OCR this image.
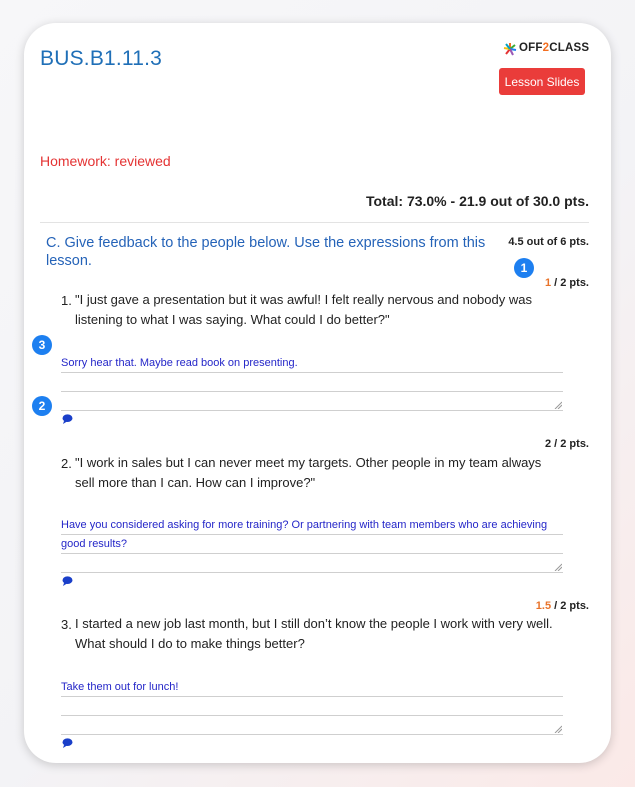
BUS.B1.11.3	OFF2CLASS
Lesson Slides
Homework: reviewed
Total: 73.0% - 21.9 out of 30.0 pts.
C. Give feedback to the people below. Use the expressions from this lesson.
4.5 out of 6 pts.
1
2
3
1 / 2 pts.
1. "I just gave a presentation but it was awful! I felt really nervous and nobody was listening to what I was saying. What could I do better?"
Sorry hear that. Maybe read book on presenting.
2 / 2 pts.
2. "I work in sales but I can never meet my targets. Other people in my team always sell more than I can. How can I improve?"
Have you considered asking for more training? Or partnering with team members who are achieving good results?
1.5 / 2 pts.
3. I started a new job last month, but I still don’t know the people I work with very well. What should I do to make things better?
Take them out for lunch!
